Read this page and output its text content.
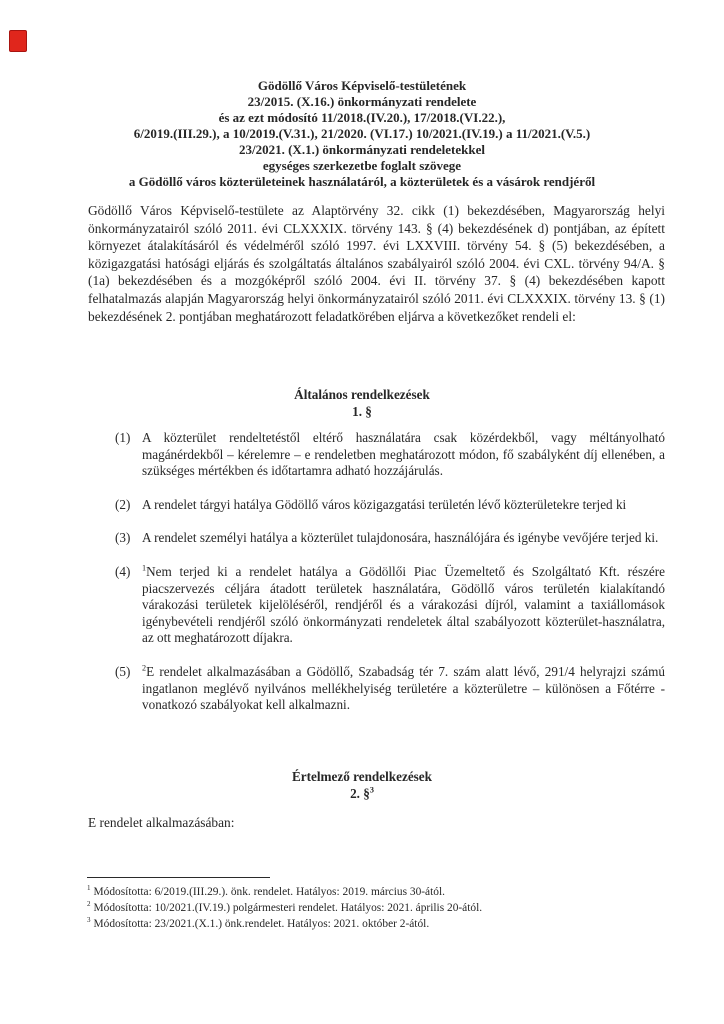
Gödöllő Város Képviselő-testületének
23/2015. (X.16.) önkormányzati rendelete
és az ezt módosító 11/2018.(IV.20.), 17/2018.(VI.22.),
6/2019.(III.29.), a 10/2019.(V.31.), 21/2020. (VI.17.) 10/2021.(IV.19.) a 11/2021.(V.5.)
23/2021. (X.1.) önkormányzati rendeletekkel
egységes szerkezetbe foglalt szövege
a Gödöllő város közterületeinek használatáról, a közterületek és a vásárok rendjéről
Gödöllő Város Képviselő-testülete az Alaptörvény 32. cikk (1) bekezdésében, Magyarország helyi önkormányzatairól szóló 2011. évi CLXXXIX. törvény 143. § (4) bekezdésének d) pontjában, az épített környezet átalakításáról és védelméről szóló 1997. évi LXXVIII. törvény 54. § (5) bekezdésében, a közigazgatási hatósági eljárás és szolgáltatás általános szabályairól szóló 2004. évi CXL. törvény 94/A. § (1a) bekezdésében és a mozgóképről szóló 2004. évi II. törvény 37. § (4) bekezdésében kapott felhatalmazás alapján Magyarország helyi önkormányzatairól szóló 2011. évi CLXXXIX. törvény 13. § (1) bekezdésének 2. pontjában meghatározott feladatkörében eljárva a következőket rendeli el:
Általános rendelkezések
1. §
(1) A közterület rendeltetéstől eltérő használatára csak közérdekből, vagy méltányolható magánérdekből – kérelemre – e rendeletben meghatározott módon, fő szabályként díj ellenében, a szükséges mértékben és időtartamra adható hozzájárulás.
(2) A rendelet tárgyi hatálya Gödöllő város közigazgatási területén lévő közterületekre terjed ki
(3) A rendelet személyi hatálya a közterület tulajdonosára, használójára és igénybe vevőjére terjed ki.
(4)	$^1$Nem terjed ki a rendelet hatálya a Gödöllői Piac Üzemeltető és Szolgáltató Kft. részére piacszervezés céljára átadott területek használatára, Gödöllő város területén kialakítandó várakozási területek kijelöléséről, rendjéről és a várakozási díjról, valamint a taxiállomások igénybevételi rendjéről szóló önkormányzati rendeletek által szabályozott közterület-használatra, az ott meghatározott díjakra.
(5)	$^2$E rendelet alkalmazásában a Gödöllő, Szabadság tér 7. szám alatt lévő, 291/4 helyrajzi számú ingatlanon meglévő nyilvános mellékhelyiség területére a közterületre – különösen a Főtérre - vonatkozó szabályokat kell alkalmazni.
Értelmező rendelkezések
2. §$^3$
E rendelet alkalmazásában:
$^1$ Módosította: 6/2019.(III.29.). önk. rendelet. Hatályos: 2019. március 30-ától.
$^2$ Módosította: 10/2021.(IV.19.) polgármesteri rendelet. Hatályos: 2021. április 20-ától.
$^3$ Módosította: 23/2021.(X.1.) önk.rendelet. Hatályos: 2021. október 2-ától.
